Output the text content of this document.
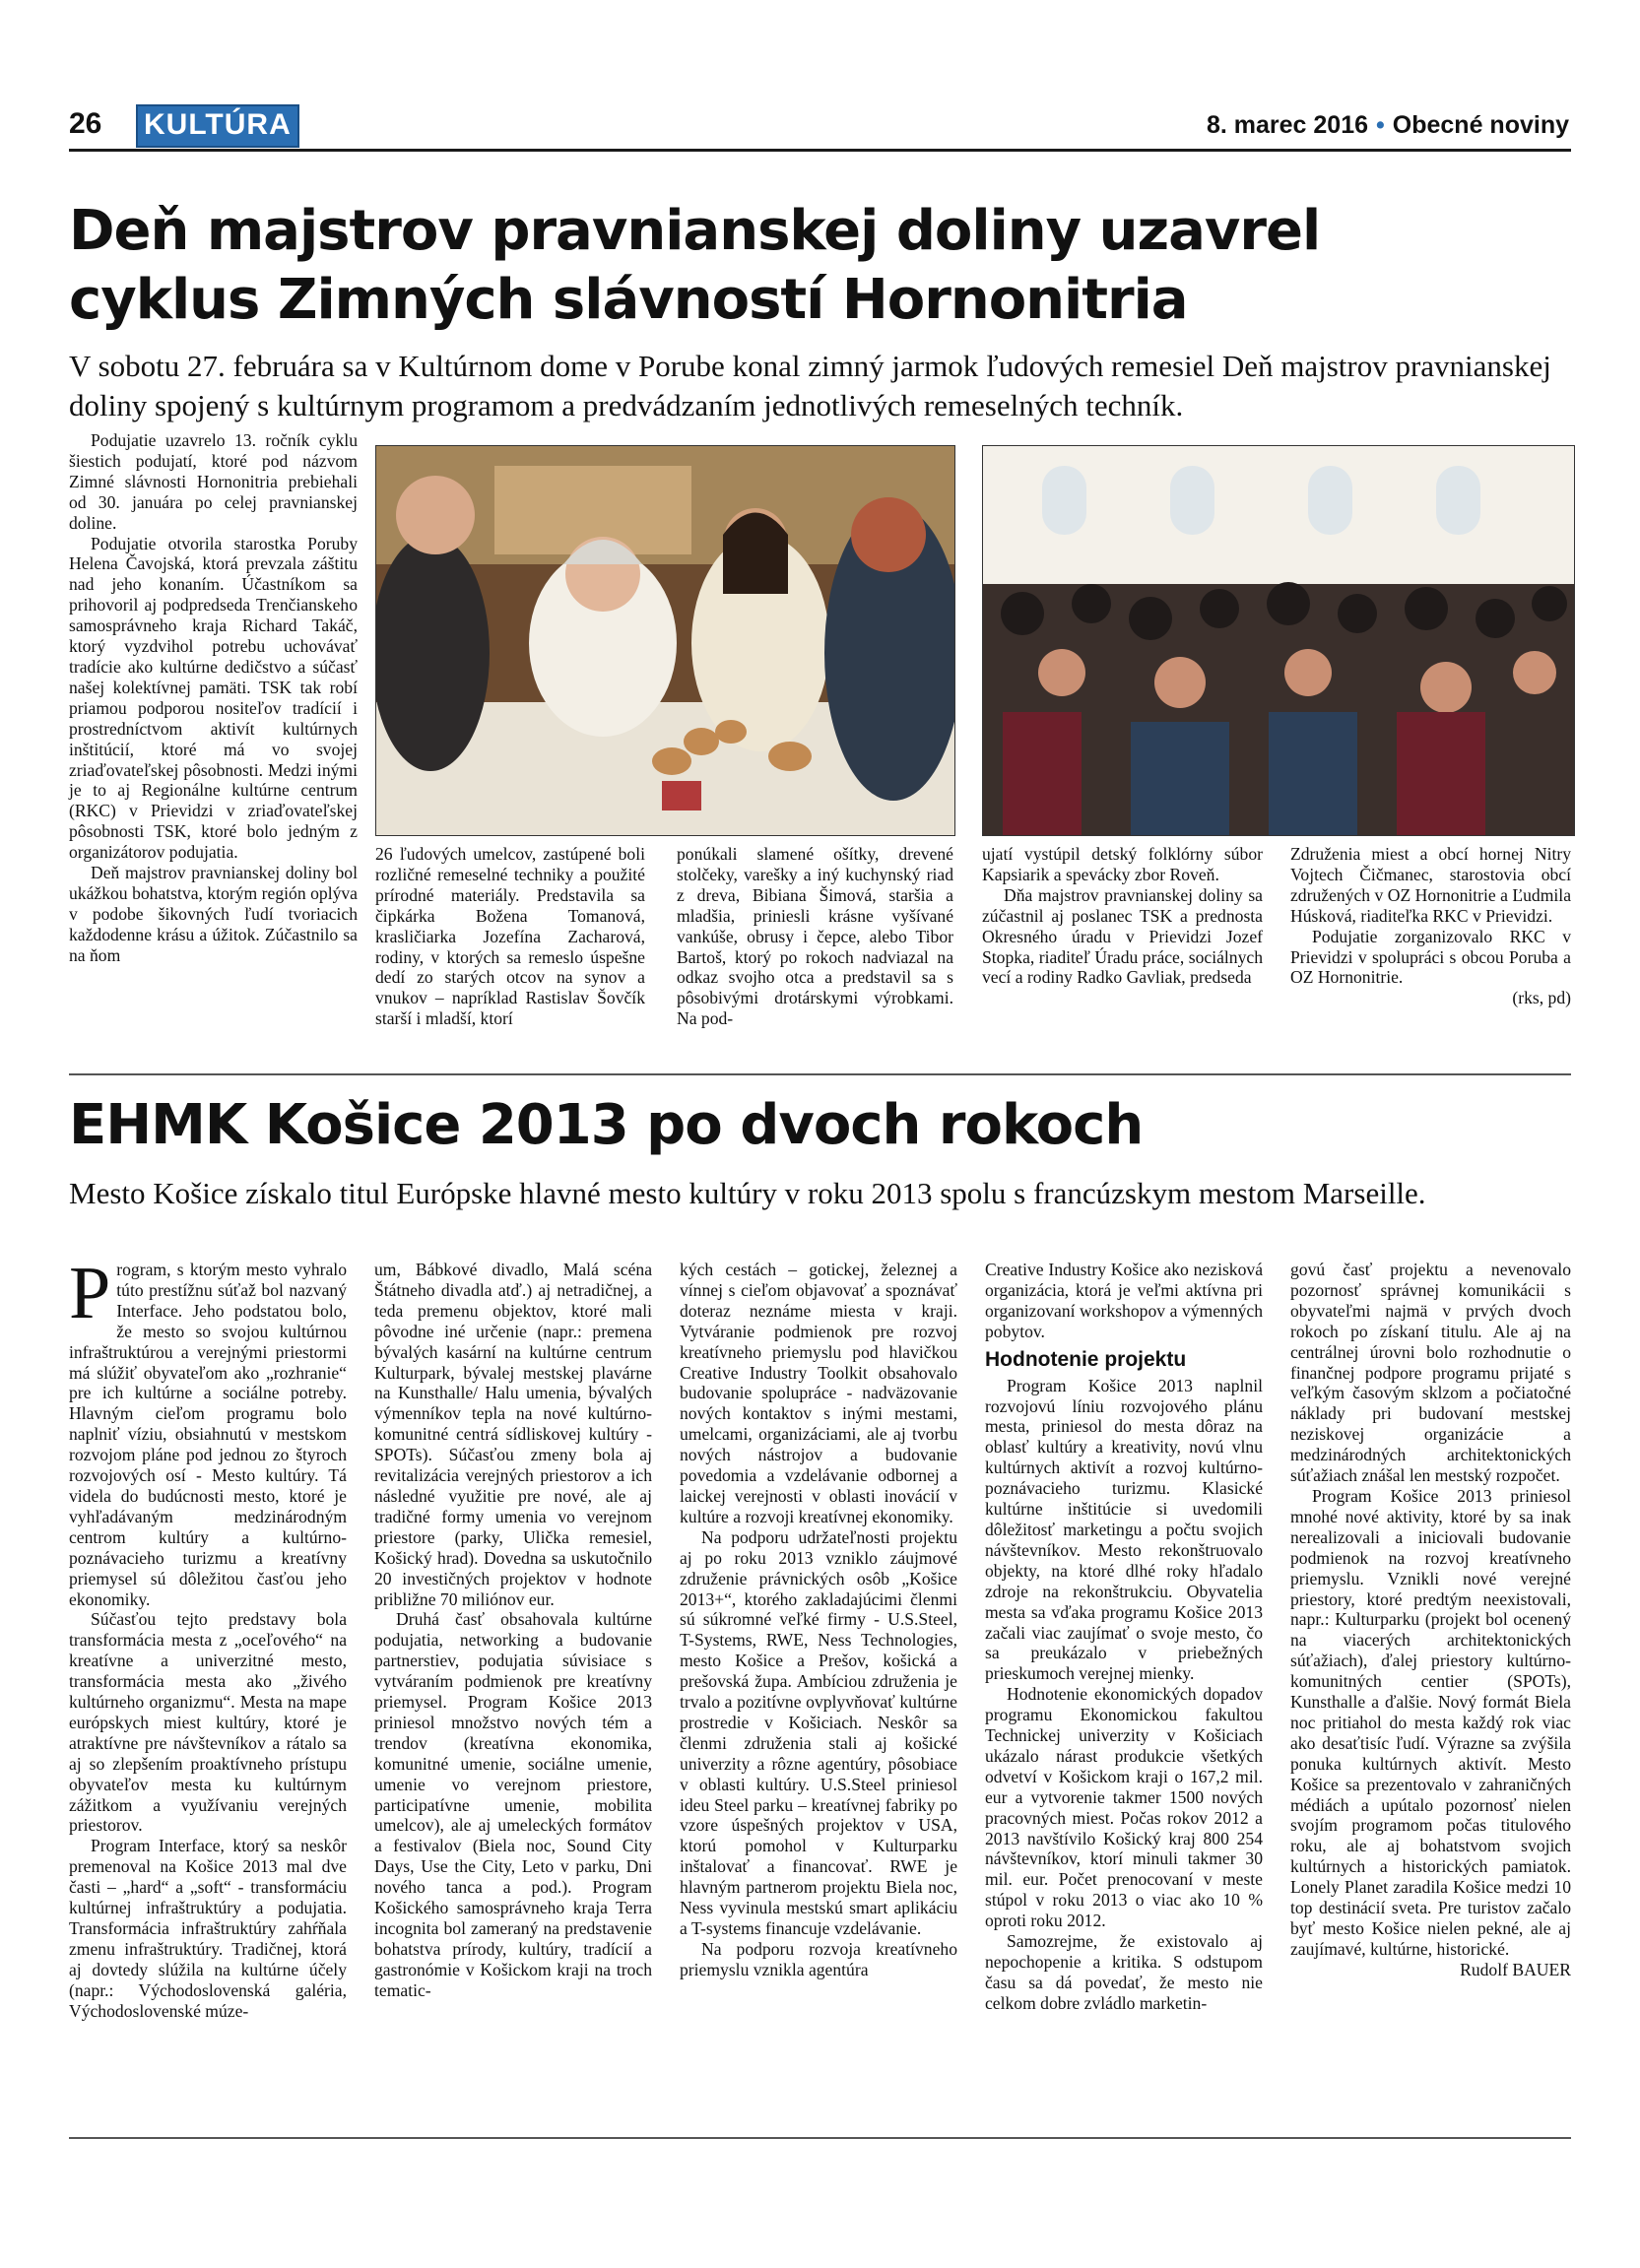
26 KULTÚRA	8. marec 2016 • Obecné noviny
Deň majstrov pravnianskej doliny uzavrel
cyklus Zimných slávností Hornonitria
V sobotu 27. februára sa v Kultúrnom dome v Porube konal zimný jarmok ľudových remesiel Deň majstrov pravnianskej doliny spojený s kultúrnym programom a predvádzaním jednotlivých remeselných techník.

Podujatie uzavrelo 13. ročník cyklu šiestich podujatí, ktoré pod názvom Zimné slávnosti Hornonitria prebiehali od 30. januára po celej pravnianskej doline.

Podujatie otvorila starostka Poruby Helena Čavojská, ktorá prevzala záštitu nad jeho konaním. Účastníkom sa prihovoril aj podpredseda Trenčianskeho samosprávneho kraja Richard Takáč, ktorý vyzdvihol potrebu uchovávať tradície ako kultúrne dedičstvo a súčasť našej kolektívnej pamäti. TSK tak robí priamou podporou nositeľov tradícií i prostredníctvom aktivít kultúrnych inštitúcií, ktoré má vo svojej zriaďovateľskej pôsobnosti. Medzi inými je to aj Regionálne kultúrne centrum (RKC) v Prievidzi v zriaďovateľskej pôsobnosti TSK, ktoré bolo jedným z organizátorov podujatia.

Deň majstrov pravnianskej doliny bol ukážkou bohatstva, ktorým región oplýva v podobe šikovných ľudí tvoriacich každodenne krásu a úžitok. Zúčastnilo sa na ňom

26 ľudových umelcov, zastúpené boli rozličné remeselné techniky a použité prírodné materiály. Predstavila sa čipkárka Božena Tomanová, krasličiarka Jozefína Zacharová, rodiny, v ktorých sa remeslo úspešne dedí zo starých otcov na synov a vnukov – napríklad Rastislav Šovčík starší i mladší, ktorí

ponúkali slamené ošítky, drevené stolčeky, varešky a iný kuchynský riad z dreva, Bibiana Šimová, staršia a mladšia, priniesli krásne vyšívané vankúše, obrusy i čepce, alebo Tibor Bartoš, ktorý po rokoch nadviazal na odkaz svojho otca a predstavil sa s pôsobivými drotárskymi výrobkami. Na pod-

ujatí vystúpil detský folklórny súbor Kapsiarik a spevácky zbor Roveň.

Dňa majstrov pravnianskej doliny sa zúčastnil aj poslanec TSK a prednosta Okresného úradu v Prievidzi Jozef Stopka, riaditeľ Úradu práce, sociálnych vecí a rodiny Radko Gavliak, predseda

Združenia miest a obcí hornej Nitry Vojtech Čičmanec, starostovia obcí združených v OZ Hornonitrie a Ľudmila Húsková, riaditeľka RKC v Prievidzi.

Podujatie zorganizovalo RKC v Prievidzi v spolupráci s obcou Poruba a OZ Hornonitrie.

(rks, pd)

EHMK Košice 2013 po dvoch rokoch
Mesto Košice získalo titul Európske hlavné mesto kultúry v roku 2013 spolu s francúzskym mestom Marseille.

Program, s ktorým mesto vyhralo túto prestížnu súťaž bol nazvaný Interface. Jeho podstatou bolo, že mesto so svojou kultúrnou infraštruktúrou a verejnými priestormi má slúžiť obyvateľom ako „rozhranie“ pre ich kultúrne a sociálne potreby. Hlavným cieľom programu bolo naplniť víziu, obsiahnutú v mestskom rozvojom pláne pod jednou zo štyroch rozvojových osí - Mesto kultúry. Tá videla do budúcnosti mesto, ktoré je vyhľadávaným medzinárodným centrom kultúry a kultúrno-poznávacieho turizmu a kreatívny priemysel sú dôležitou časťou jeho ekonomiky.

Súčasťou tejto predstavy bola transformácia mesta z „oceľového“ na kreatívne a univerzitné mesto, transformácia mesta ako „živého kultúrneho organizmu“. Mesta na mape európskych miest kultúry, ktoré je atraktívne pre návštevníkov a rátalo sa aj so zlepšením proaktívneho prístupu obyvateľov mesta ku kultúrnym zážitkom a využívaniu verejných priestorov.

Program Interface, ktorý sa neskôr premenoval na Košice 2013 mal dve časti – „hard“ a „soft“ - transformáciu kultúrnej infraštruktúry a podujatia. Transformácia infraštruktúry zahŕňala zmenu infraštruktúry. Tradičnej, ktorá aj dovtedy slúžila na kultúrne účely (napr.: Východoslovenská galéria, Východoslovenské múze-

um, Bábkové divadlo, Malá scéna Štátneho divadla atď.) aj netradičnej, a teda premenu objektov, ktoré mali pôvodne iné určenie (napr.: premena bývalých kasární na kultúrne centrum Kulturpark, bývalej mestskej plavárne na Kunsthalle/ Halu umenia, bývalých výmenníkov tepla na nové kultúrno-komunitné centrá sídliskovej kultúry - SPOTs). Súčasťou zmeny bola aj revitalizácia verejných priestorov a ich následné využitie pre nové, ale aj tradičné formy umenia vo verejnom priestore (parky, Ulička remesiel, Košický hrad). Dovedna sa uskutočnilo 20 investičných projektov v hodnote približne 70 miliónov eur.

Druhá časť obsahovala kultúrne podujatia, networking a budovanie partnerstiev, podujatia súvisiace s vytváraním podmienok pre kreatívny priemysel. Program Košice 2013 priniesol množstvo nových tém a trendov (kreatívna ekonomika, komunitné umenie, sociálne umenie, umenie vo verejnom priestore, participatívne umenie, mobilita umelcov), ale aj umeleckých formátov a festivalov (Biela noc, Sound City Days, Use the City, Leto v parku, Dni nového tanca a pod.). Program Košického samosprávneho kraja Terra incognita bol zameraný na predstavenie bohatstva prírody, kultúry, tradícií a gastronómie v Košickom kraji na troch tematic-

kých cestách – gotickej, železnej a vínnej s cieľom objavovať a spoznávať doteraz neznáme miesta v kraji. Vytváranie podmienok pre rozvoj kreatívneho priemyslu pod hlavičkou Creative Industry Toolkit obsahovalo budovanie spolupráce - nadväzovanie nových kontaktov s inými mestami, umelcami, organizáciami, ale aj tvorbu nových nástrojov a budovanie povedomia a vzdelávanie odbornej a laickej verejnosti v oblasti inovácií v kultúre a rozvoji kreatívnej ekonomiky.

Na podporu udržateľnosti projektu aj po roku 2013 vzniklo záujmové združenie právnických osôb „Košice 2013+“, ktorého zakladajúcimi členmi sú súkromné veľké firmy - U.S.Steel, T-Systems, RWE, Ness Technologies, mesto Košice a Prešov, košická a prešovská župa. Ambíciou združenia je trvalo a pozitívne ovplyvňovať kultúrne prostredie v Košiciach. Neskôr sa členmi združenia stali aj košické univerzity a rôzne agentúry, pôsobiace v oblasti kultúry. U.S.Steel priniesol ideu Steel parku – kreatívnej fabriky po vzore úspešných projektov v USA, ktorú pomohol v Kulturparku inštalovať a financovať. RWE je hlavným partnerom projektu Biela noc, Ness vyvinula mestskú smart aplikáciu a T-systems financuje vzdelávanie.

Na podporu rozvoja kreatívneho priemyslu vznikla agentúra

Creative Industry Košice ako nezisková organizácia, ktorá je veľmi aktívna pri organizovaní workshopov a výmenných pobytov.

Hodnotenie projektu

Program Košice 2013 naplnil rozvojovú líniu rozvojového plánu mesta, priniesol do mesta dôraz na oblasť kultúry a kreativity, novú vlnu kultúrnych aktivít a rozvoj kultúrno-poznávacieho turizmu. Klasické kultúrne inštitúcie si uvedomili dôležitosť marketingu a počtu svojich návštevníkov. Mesto rekonštruovalo objekty, na ktoré dlhé roky hľadalo zdroje na rekonštrukciu. Obyvatelia mesta sa vďaka programu Košice 2013 začali viac zaujímať o svoje mesto, čo sa preukázalo v priebežných prieskumoch verejnej mienky.

Hodnotenie ekonomických dopadov programu Ekonomickou fakultou Technickej univerzity v Košiciach ukázalo nárast produkcie všetkých odvetví v Košickom kraji o 167,2 mil. eur a vytvorenie takmer 1500 nových pracovných miest. Počas rokov 2012 a 2013 navštívilo Košický kraj 800 254 návštevníkov, ktorí minuli takmer 30 mil. eur. Počet prenocovaní v meste stúpol v roku 2013 o viac ako 10 % oproti roku 2012.

Samozrejme, že existovalo aj nepochopenie a kritika. S odstupom času sa dá povedať, že mesto nie celkom dobre zvládlo marketin-

govú časť projektu a nevenovalo pozornosť správnej komunikácii s obyvateľmi najmä v prvých dvoch rokoch po získaní titulu. Ale aj na centrálnej úrovni bolo rozhodnutie o finančnej podpore programu prijaté s veľkým časovým sklzom a počiatočné náklady pri budovaní mestskej neziskovej organizácie a medzinárodných architektonických súťažiach znášal len mestský rozpočet.

Program Košice 2013 priniesol mnohé nové aktivity, ktoré by sa inak nerealizovali a iniciovali budovanie podmienok na rozvoj kreatívneho priemyslu. Vznikli nové verejné priestory, ktoré predtým neexistovali, napr.: Kulturparku (projekt bol ocenený na viacerých architektonických súťažiach), ďalej priestory kultúrno-komunitných centier (SPOTs), Kunsthalle a ďalšie. Nový formát Biela noc pritiahol do mesta každý rok viac ako desaťtisíc ľudí. Výrazne sa zvýšila ponuka kultúrnych aktivít. Mesto Košice sa prezentovalo v zahraničných médiách a upútalo pozornosť nielen svojím programom počas titulového roku, ale aj bohatstvom svojich kultúrnych a historických pamiatok. Lonely Planet zaradila Košice medzi 10 top destinácií sveta. Pre turistov začalo byť mesto Košice nielen pekné, ale aj zaujímavé, kultúrne, historické.

Rudolf BAUER
